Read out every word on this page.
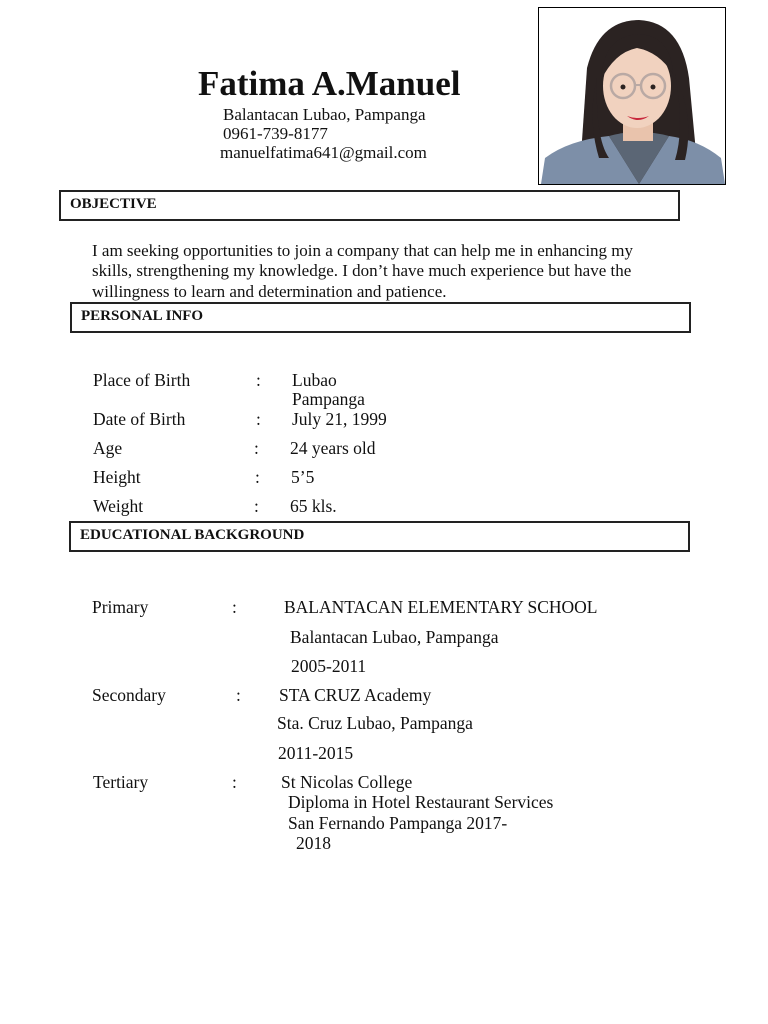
Fatima A.Manuel
Balantacan Lubao, Pampanga
0961-739-8177
manuelfatima641@gmail.com
OBJECTIVE
I am seeking opportunities to join a company that can help me in enhancing my
skills, strengthening my knowledge. I don’t have much experience but have the
willingness to learn and determination and patience.
PERSONAL INFO
Place of Birth	: Lubao
Pampanga
Date of Birth	: July 21, 1999
Age	: 24 years old
Height	: 5’5
Weight	: 65 kls.
EDUCATIONAL BACKGROUND
Primary	:	BALANTACAN ELEMENTARY SCHOOL
Balantacan Lubao, Pampanga
2005-2011
Secondary	: STA CRUZ Academy
Sta. Cruz Lubao, Pampanga
2011-2015
Tertiary	:	St Nicolas College
Diploma in Hotel Restaurant Services
San Fernando Pampanga 2017-
2018
